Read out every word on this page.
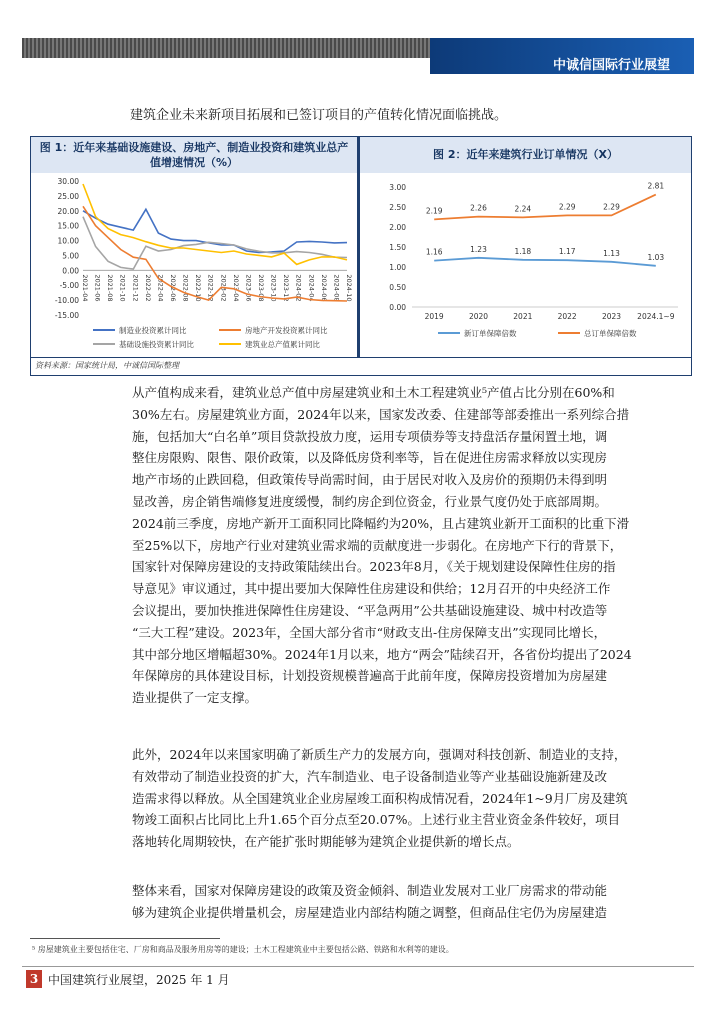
中诚信国际行业展望
建筑企业未来新项目拓展和已签订项目的产值转化情况面临挑战。
图 1：近年来基础设施建设、房地产、制造业投资和建筑业总产值增速情况（%）
图 2：近年来建筑行业订单情况（X）
30.00
25.00
20.00
15.00
10.00
5.00
0.00
-5.00
-10.00
-15.00
2021-04 2021-06 2021-08 2021-10 2021-12 2022-02 2022-04 2022-06 2022-08 2022-10 2022-12 2023-02 2023-04 2023-06 2023-08 2023-10 2023-12 2024-02 2024-04 2024-06 2024-08 2024-10
制造业投资累计同比	房地产开发投资累计同比
基础设施投资累计同比	建筑业总产值累计同比
3.00
2.50
2.00
1.50
1.00
0.50
0.00
2019	2020	2021	2022	2023 2024.1~9
1.16	1.23	1.18	1.17	1.13	1.03
2.19	2.26	2.24	2.29	2.29
2.81
新订单保障倍数	总订单保障倍数
资料来源：国家统计局，中诚信国际整理
从产值构成来看，建筑业总产值中房屋建筑业和土木工程建筑业⁵产值占比分别在60%和
30%左右。房屋建筑业方面，2024年以来，国家发改委、住建部等部委推出一系列综合措
施，包括加大“白名单”项目贷款投放力度，运用专项债券等支持盘活存量闲置土地，调
整住房限购、限售、限价政策，以及降低房贷利率等，旨在促进住房需求释放以实现房
地产市场的止跌回稳，但政策传导尚需时间，由于居民对收入及房价的预期仍未得到明
显改善，房企销售端修复进度缓慢，制约房企到位资金，行业景气度仍处于底部周期。
2024前三季度，房地产新开工面积同比降幅约为20%，且占建筑业新开工面积的比重下滑
至25%以下，房地产行业对建筑业需求端的贡献度进一步弱化。在房地产下行的背景下，
国家针对保障房建设的支持政策陆续出台。2023年8月，《关于规划建设保障性住房的指
导意见》审议通过，其中提出要加大保障性住房建设和供给；12月召开的中央经济工作
会议提出，要加快推进保障性住房建设、“平急两用”公共基础设施建设、城中村改造等
“三大工程”建设。2023年，全国大部分省市“财政支出-住房保障支出”实现同比增长，
其中部分地区增幅超30%。2024年1月以来，地方“两会”陆续召开，各省份均提出了2024
年保障房的具体建设目标，计划投资规模普遍高于此前年度，保障房投资增加为房屋建
造业提供了一定支撑。
此外，2024年以来国家明确了新质生产力的发展方向，强调对科技创新、制造业的支持，
有效带动了制造业投资的扩大，汽车制造业、电子设备制造业等产业基础设施新建及改
造需求得以释放。从全国建筑业企业房屋竣工面积构成情况看，2024年1~9月厂房及建筑
物竣工面积占比同比上升1.65个百分点至20.07%。上述行业主营业资金条件较好，项目
落地转化周期较快，在产能扩张时期能够为建筑企业提供新的增长点。
整体来看，国家对保障房建设的政策及资金倾斜、制造业发展对工业厂房需求的带动能
够为建筑企业提供增量机会，房屋建造业内部结构随之调整，但商品住宅仍为房屋建造
⁵ 房屋建筑业主要包括住宅、厂房和商品及服务用房等的建设；土木工程建筑业中主要包括公路、铁路和水利等的建设。
3 中国建筑行业展望，2025 年 1 月
